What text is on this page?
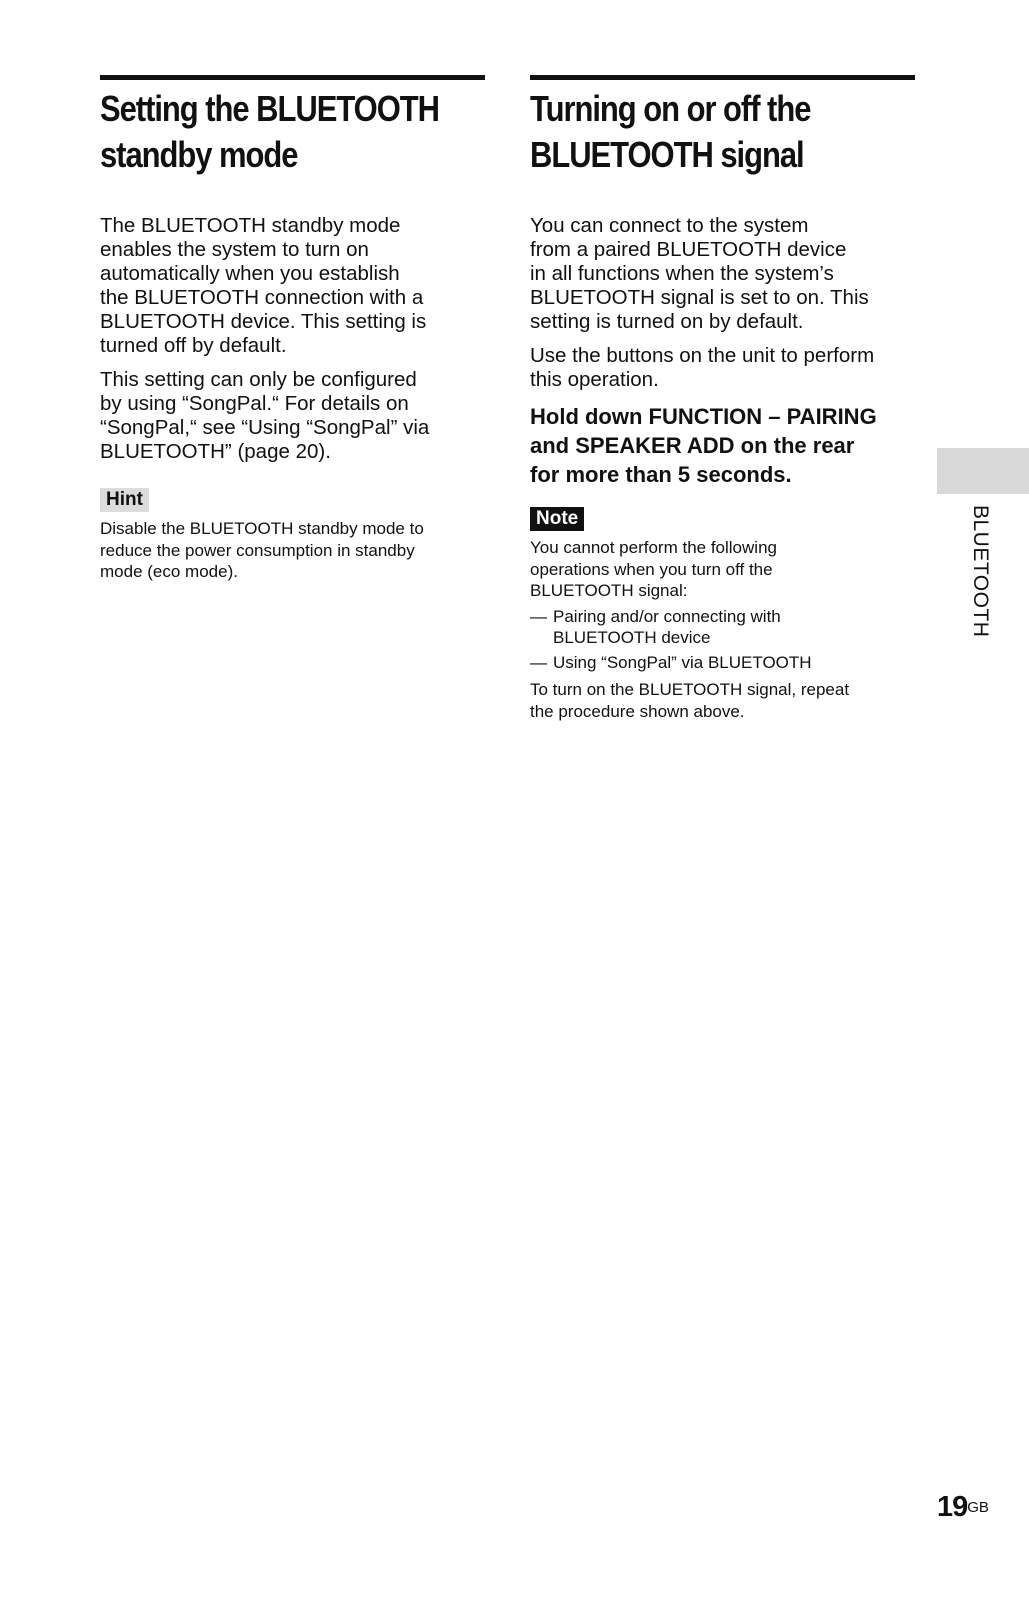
Setting the BLUETOOTH
standby mode

The BLUETOOTH standby mode
enables the system to turn on
automatically when you establish
the BLUETOOTH connection with a
BLUETOOTH device. This setting is
turned off by default.

This setting can only be configured
by using “SongPal.“ For details on
“SongPal,“ see “Using “SongPal” via
BLUETOOTH” (page 20).

Hint

Disable the BLUETOOTH standby mode to
reduce the power consumption in standby
mode (eco mode).

Turning on or off the
BLUETOOTH signal

You can connect to the system
from a paired BLUETOOTH device
in all functions when the system’s
BLUETOOTH signal is set to on. This
setting is turned on by default.

Use the buttons on the unit to perform
this operation.

Hold down FUNCTION – PAIRING
and SPEAKER ADD on the rear
for more than 5 seconds.

Note

You cannot perform the following
operations when you turn off the
BLUETOOTH signal:

— Pairing and/or connecting with
BLUETOOTH device
— Using “SongPal” via BLUETOOTH

To turn on the BLUETOOTH signal, repeat
the procedure shown above.

BLUETOOTH
$19^{GB}$
